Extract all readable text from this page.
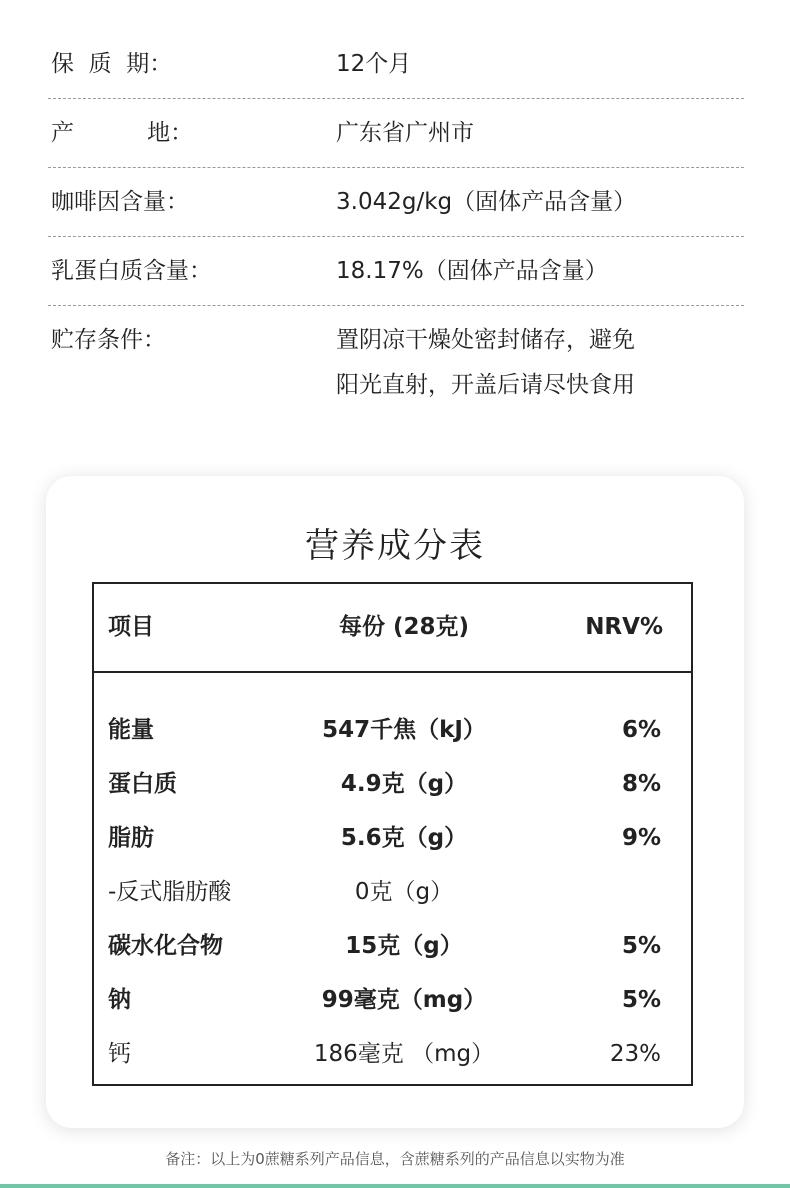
保  质  期：	12个月
产          地：	广东省广州市
咖啡因含量：	3.042g/kg（固体产品含量）
乳蛋白质含量：	18.17%（固体产品含量）
贮存条件：	置阴凉干燥处密封储存，避免
阳光直射，开盖后请尽快食用
营养成分表
项目	每份 (28克)	NRV%
能量	547千焦（kJ）	6%
蛋白质	4.9克（g）	8%
脂肪	5.6克（g）	9%
-反式脂肪酸	0克（g）
碳水化合物	15克（g）	5%
钠	99毫克（mg）	5%
钙	186毫克 （mg）	23%
备注：以上为0蔗糖系列产品信息，含蔗糖系列的产品信息以实物为准
